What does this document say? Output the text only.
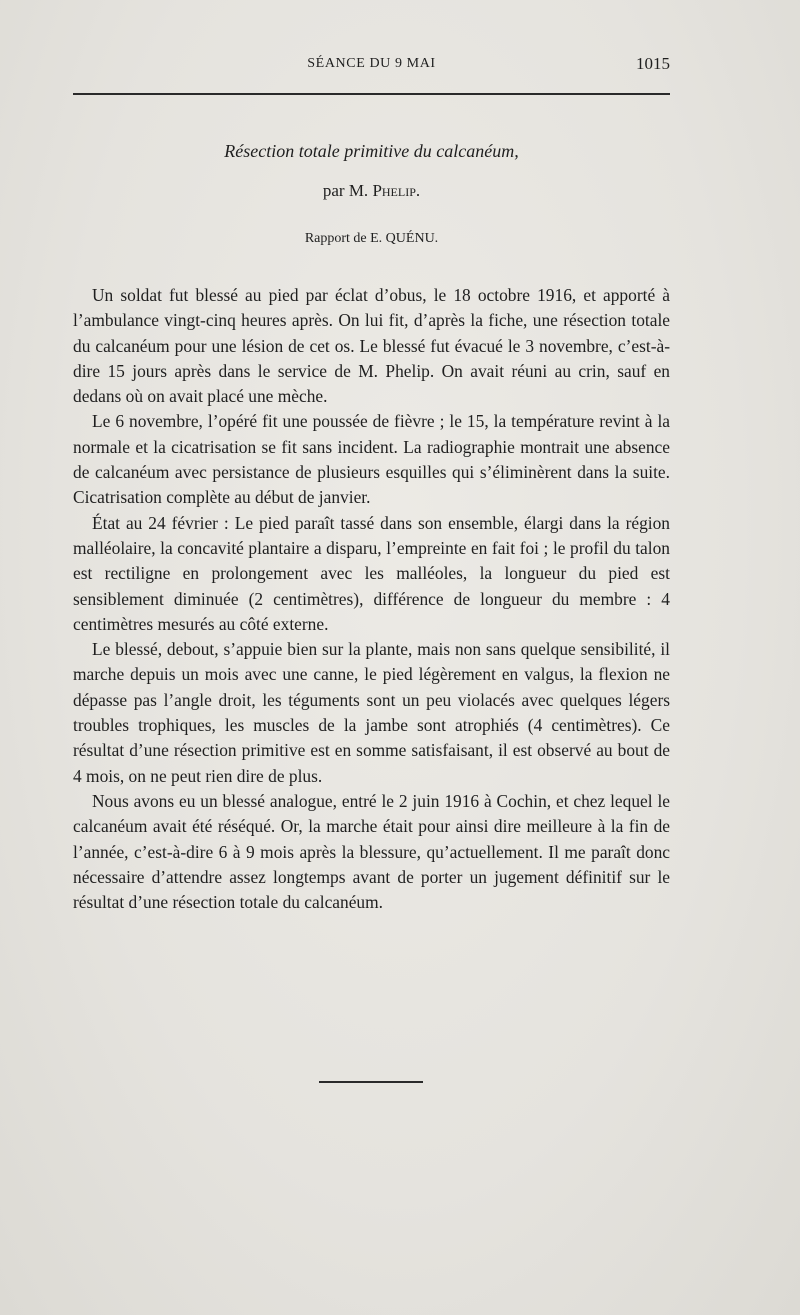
SÉANCE DU 9 MAI	1015
Résection totale primitive du calcanéum,
par M. Phelip.
Rapport de E. QUÉNU.

Un soldat fut blessé au pied par éclat d’obus, le 18 octobre 1916, et apporté à l’ambulance vingt-cinq heures après. On lui fit, d’après la fiche, une résection totale du calcanéum pour une lésion de cet os. Le blessé fut évacué le 3 novembre, c’est-à-dire 15 jours après dans le service de M. Phelip. On avait réuni au crin, sauf en dedans où on avait placé une mèche.

Le 6 novembre, l’opéré fit une poussée de fièvre ; le 15, la température revint à la normale et la cicatrisation se fit sans incident. La radiographie montrait une absence de calcanéum avec persistance de plusieurs esquilles qui s’éliminèrent dans la suite. Cicatrisation complète au début de janvier.

État au 24 février : Le pied paraît tassé dans son ensemble, élargi dans la région malléolaire, la concavité plantaire a disparu, l’empreinte en fait foi ; le profil du talon est rectiligne en prolongement avec les malléoles, la longueur du pied est sensiblement diminuée (2 centimètres), différence de longueur du membre : 4 centimètres mesurés au côté externe.

Le blessé, debout, s’appuie bien sur la plante, mais non sans quelque sensibilité, il marche depuis un mois avec une canne, le pied légèrement en valgus, la flexion ne dépasse pas l’angle droit, les téguments sont un peu violacés avec quelques légers troubles trophiques, les muscles de la jambe sont atrophiés (4 centimètres). Ce résultat d’une résection primitive est en somme satisfaisant, il est observé au bout de 4 mois, on ne peut rien dire de plus.

Nous avons eu un blessé analogue, entré le 2 juin 1916 à Cochin, et chez lequel le calcanéum avait été réséqué. Or, la marche était pour ainsi dire meilleure à la fin de l’année, c’est-à-dire 6 à 9 mois après la blessure, qu’actuellement. Il me paraît donc nécessaire d’attendre assez longtemps avant de porter un jugement définitif sur le résultat d’une résection totale du calcanéum.
